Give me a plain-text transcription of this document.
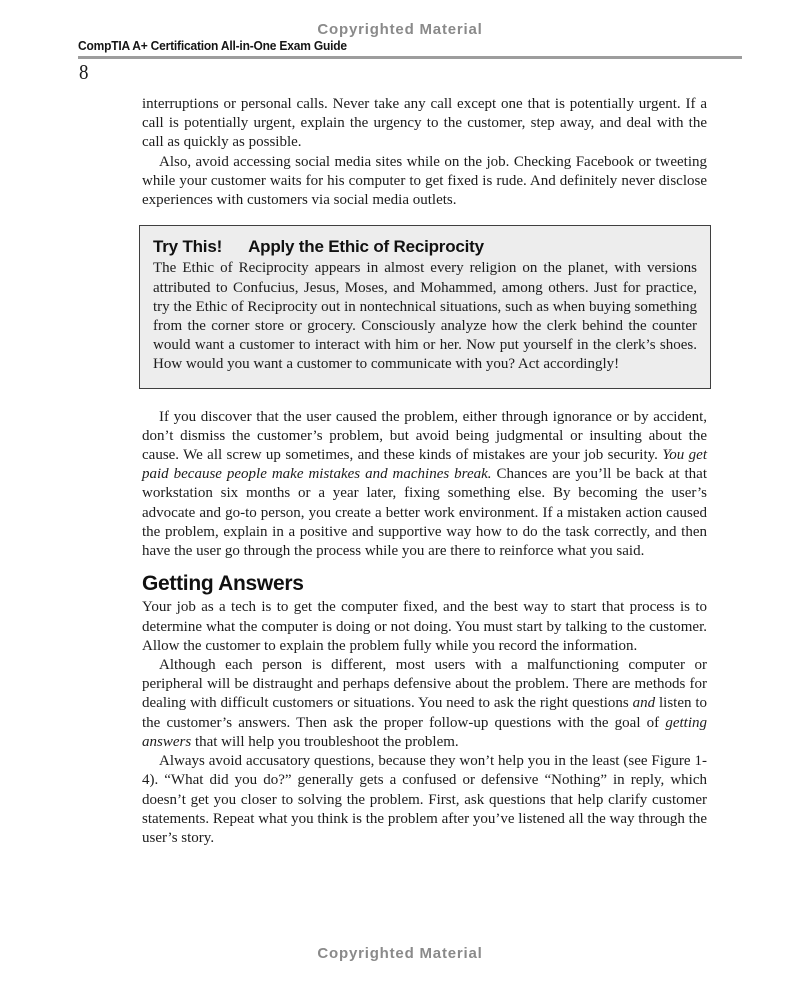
Copyrighted Material
CompTIA A+ Certification All-in-One Exam Guide
8

interruptions or personal calls. Never take any call except one that is potentially urgent. If a call is potentially urgent, explain the urgency to the customer, step away, and deal with the call as quickly as possible.

Also, avoid accessing social media sites while on the job. Checking Facebook or tweeting while your customer waits for his computer to get fixed is rude. And definitely never disclose experiences with customers via social media outlets.

Try This! Apply the Ethic of Reciprocity

The Ethic of Reciprocity appears in almost every religion on the planet, with versions attributed to Confucius, Jesus, Moses, and Mohammed, among others. Just for practice, try the Ethic of Reciprocity out in nontechnical situations, such as when buying something from the corner store or grocery. Consciously analyze how the clerk behind the counter would want a customer to interact with him or her. Now put yourself in the clerk’s shoes. How would you want a customer to communicate with you? Act accordingly!

If you discover that the user caused the problem, either through ignorance or by accident, don’t dismiss the customer’s problem, but avoid being judgmental or insulting about the cause. We all screw up sometimes, and these kinds of mistakes are your job security. You get paid because people make mistakes and machines break. Chances are you’ll be back at that workstation six months or a year later, fixing something else. By becoming the user’s advocate and go-to person, you create a better work environment. If a mistaken action caused the problem, explain in a positive and supportive way how to do the task correctly, and then have the user go through the process while you are there to reinforce what you said.

Getting Answers

Your job as a tech is to get the computer fixed, and the best way to start that process is to determine what the computer is doing or not doing. You must start by talking to the customer. Allow the customer to explain the problem fully while you record the information.

Although each person is different, most users with a malfunctioning computer or peripheral will be distraught and perhaps defensive about the problem. There are methods for dealing with difficult customers or situations. You need to ask the right questions and listen to the customer’s answers. Then ask the proper follow-up questions with the goal of getting answers that will help you troubleshoot the problem.

Always avoid accusatory questions, because they won’t help you in the least (see Figure 1-4). “What did you do?” generally gets a confused or defensive “Nothing” in reply, which doesn’t get you closer to solving the problem. First, ask questions that help clarify customer statements. Repeat what you think is the problem after you’ve listened all the way through the user’s story.

Copyrighted Material
